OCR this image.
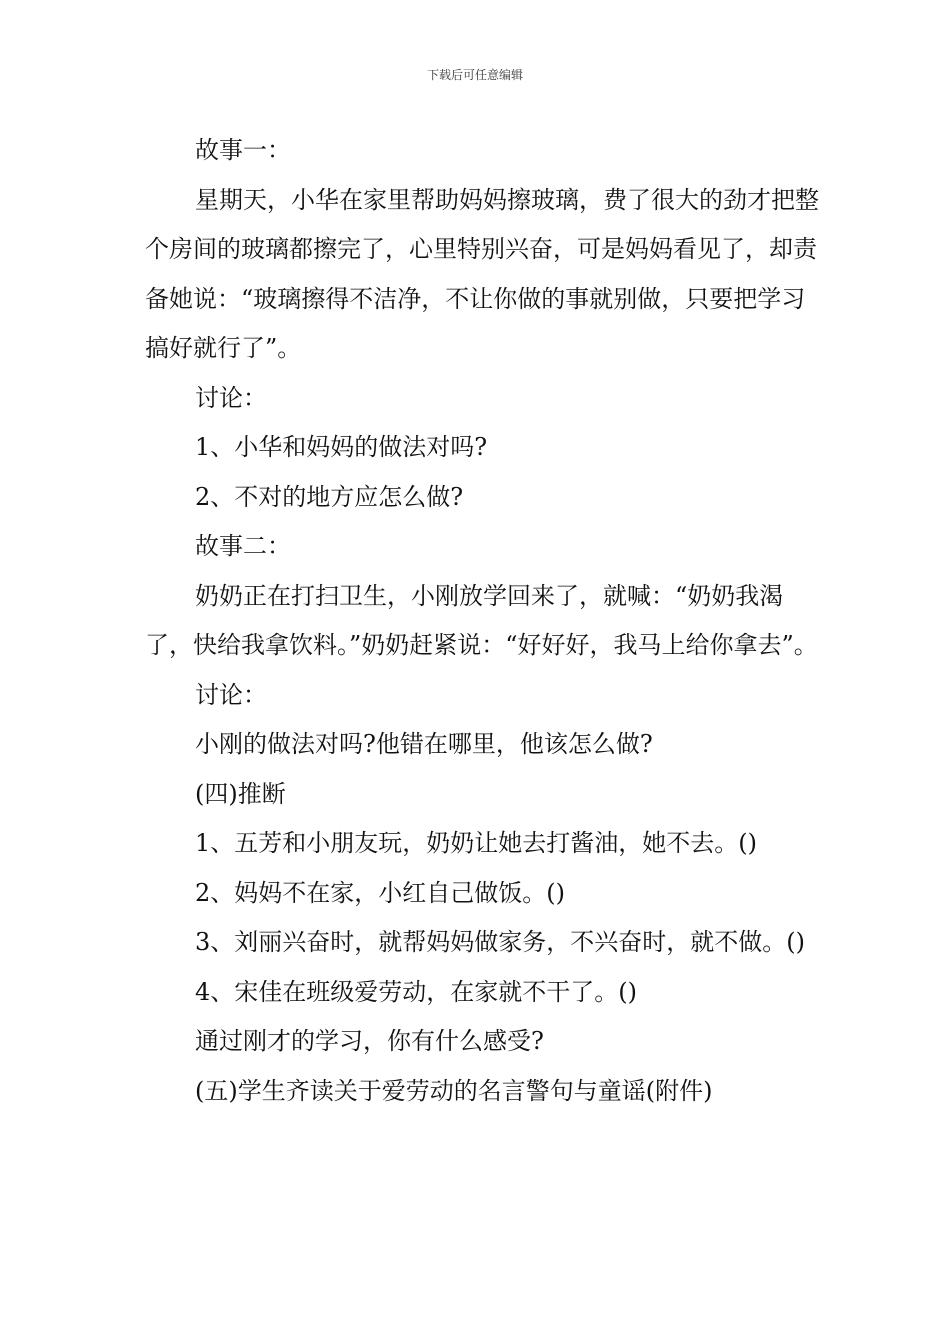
下载后可任意编辑

故事一：

星期天，小华在家里帮助妈妈擦玻璃，费了很大的劲才把整个房间的玻璃都擦完了，心里特别兴奋，可是妈妈看见了，却责备她说：“玻璃擦得不洁净，不让你做的事就别做，只要把学习搞好就行了”。

讨论：

1、小华和妈妈的做法对吗?

2、不对的地方应怎么做?

故事二：

奶奶正在打扫卫生，小刚放学回来了，就喊：“奶奶我渴了，快给我拿饮料。”奶奶赶紧说：“好好好，我马上给你拿去”。

讨论：

小刚的做法对吗?他错在哪里，他该怎么做?

(四)推断

1、五芳和小朋友玩，奶奶让她去打酱油，她不去。()

2、妈妈不在家，小红自己做饭。()

3、刘丽兴奋时，就帮妈妈做家务，不兴奋时，就不做。()

4、宋佳在班级爱劳动，在家就不干了。()

通过刚才的学习，你有什么感受?

(五)学生齐读关于爱劳动的名言警句与童谣(附件)
